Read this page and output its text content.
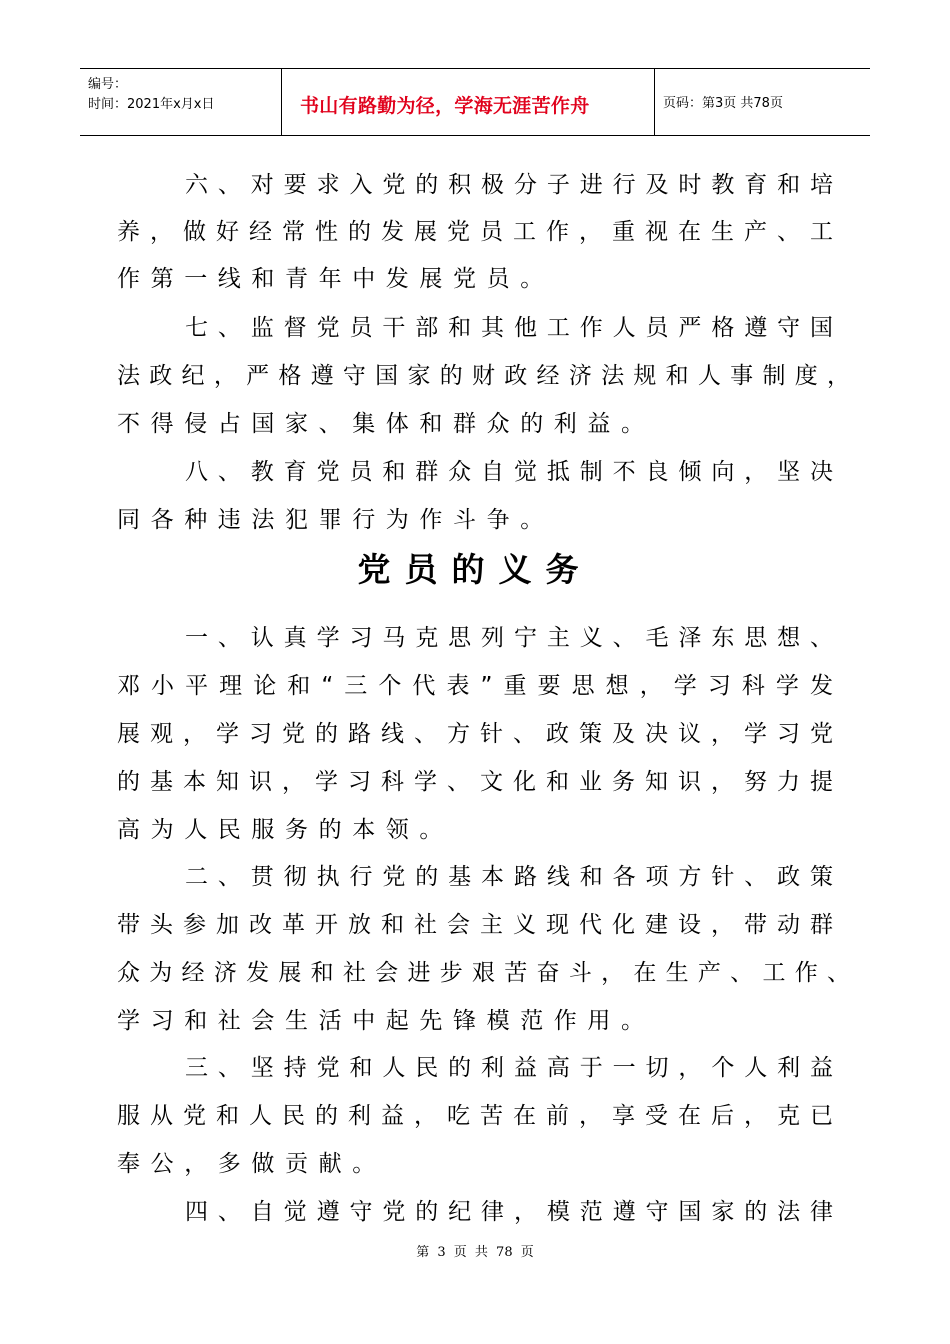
编号：
时间：2021年x月x日	书山有路勤为径，学海无涯苦作舟	页码：第3页 共78页
六、对要求入党的积极分子进行及时教育和培
养，做好经常性的发展党员工作，重视在生产、工
作第一线和青年中发展党员。
七、监督党员干部和其他工作人员严格遵守国
法政纪，严格遵守国家的财政经济法规和人事制度，
不得侵占国家、集体和群众的利益。
八、教育党员和群众自觉抵制不良倾向，坚决
同各种违法犯罪行为作斗争。
党员的义务
一、认真学习马克思列宁主义、毛泽东思想、
邓小平理论和“三个代表”重要思想，学习科学发
展观，学习党的路线、方针、政策及决议，学习党
的基本知识，学习科学、文化和业务知识，努力提
高为人民服务的本领。
二、贯彻执行党的基本路线和各项方针、政策
带头参加改革开放和社会主义现代化建设，带动群
众为经济发展和社会进步艰苦奋斗，在生产、工作、
学习和社会生活中起先锋模范作用。
三、坚持党和人民的利益高于一切，个人利益
服从党和人民的利益，吃苦在前，享受在后，克已
奉公，多做贡献。
四、自觉遵守党的纪律，模范遵守国家的法律
第 3 页 共 78 页
